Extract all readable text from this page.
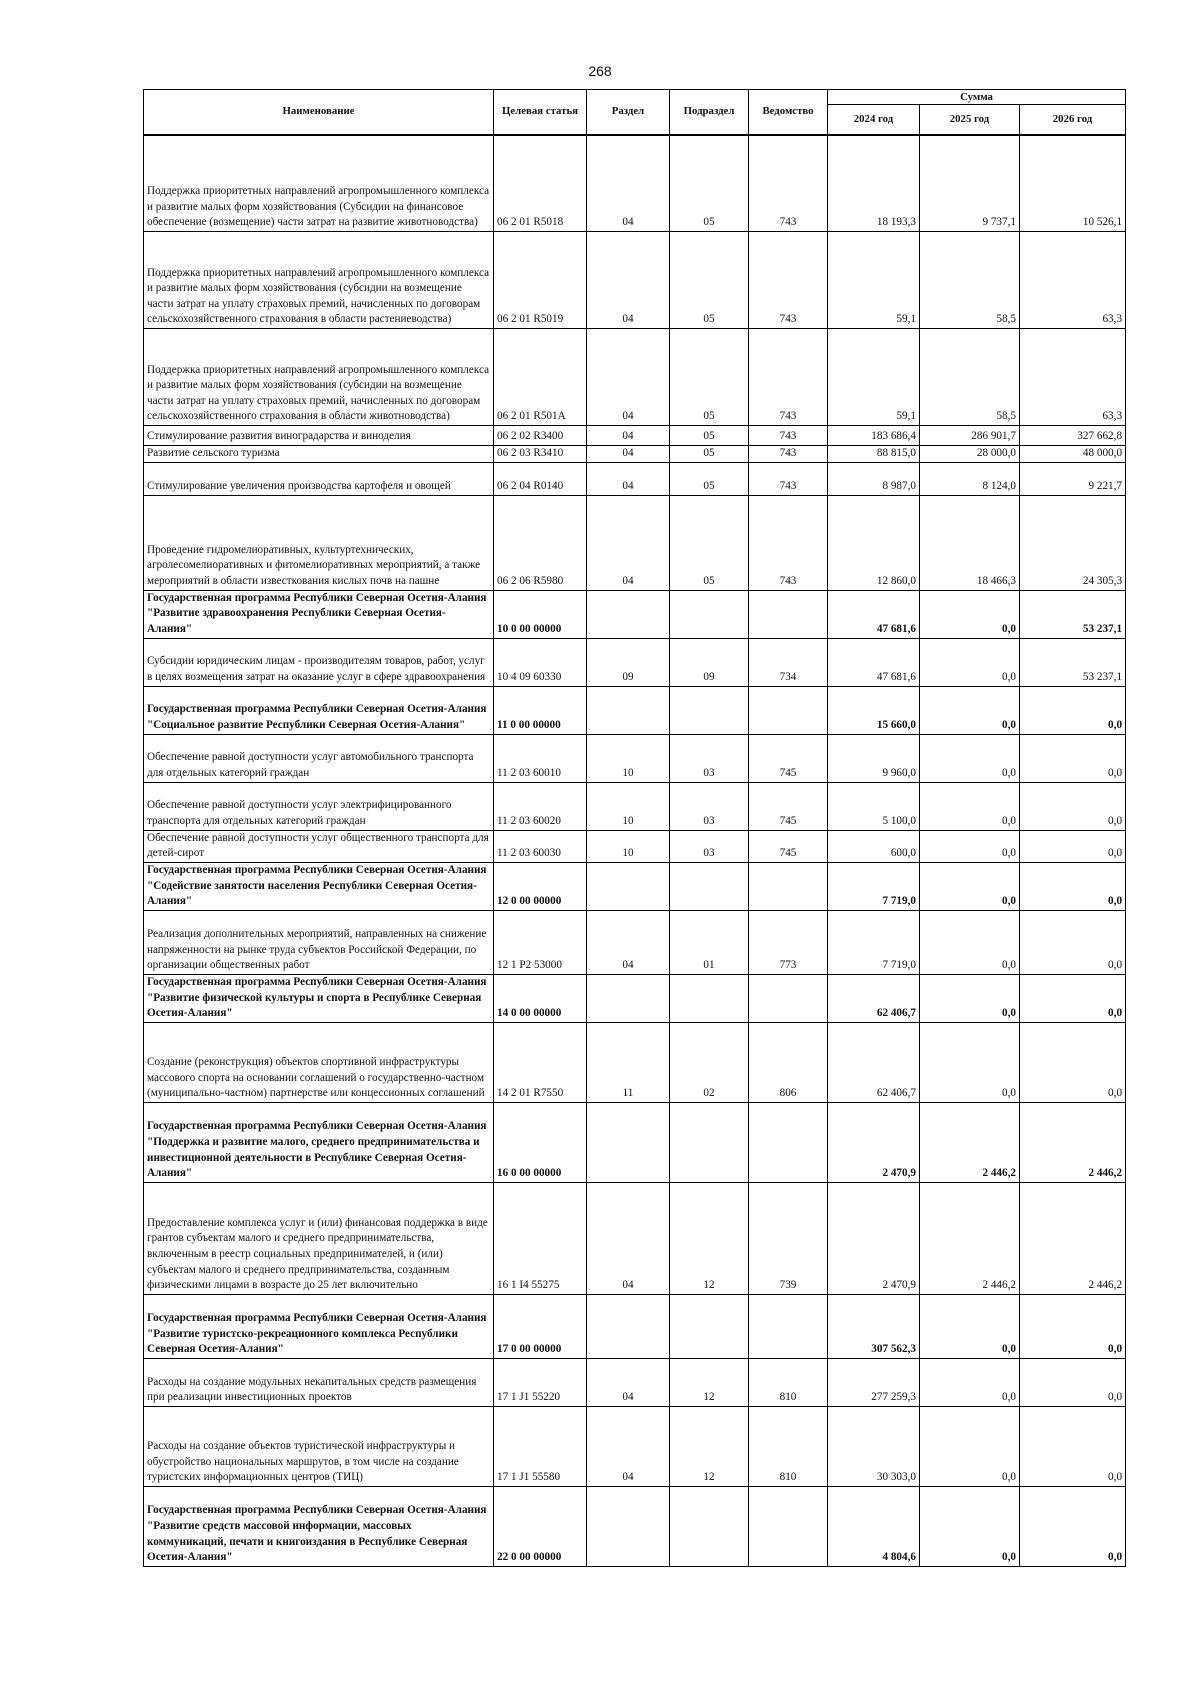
268
Наименование	Целевая статья	Раздел	Подраздел	Ведомство	Сумма		
					2024 год	2025 год	2026 год
Поддержка приоритетных направлений агропромышленного комплекса и развитие малых форм хозяйствования (Субсидии на финансовое обеспечение (возмещение) части затрат на развитие животноводства)	06 2 01 R5018	04	05	743	18 193,3	9 737,1	10 526,1
Поддержка приоритетных направлений агропромышленного комплекса и развитие малых форм хозяйствования (субсидии на возмещение части затрат на уплату страховых премий, начисленных по договорам сельскохозяйственного страхования в области растениеводства)	06 2 01 R5019	04	05	743	59,1	58,5	63,3
Поддержка приоритетных направлений агропромышленного комплекса и развитие малых форм хозяйствования (субсидии на возмещение части затрат на уплату страховых премий, начисленных по договорам сельскохозяйственного страхования в области животноводства)	06 2 01 R501A	04	05	743	59,1	58,5	63,3
Стимулирование развития виноградарства и виноделия	06 2 02 R3400	04	05	743	183 686,4	286 901,7	327 662,8
Развитие сельского туризма	06 2 03 R3410	04	05	743	88 815,0	28 000,0	48 000,0
Стимулирование увеличения производства картофеля и овощей	06 2 04 R0140	04	05	743	8 987,0	8 124,0	9 221,7
Проведение гидромелиоративных, культуртехнических, агролесомелиоративных и фитомелиоративных мероприятий, а также мероприятий в области известкования кислых почв на пашне	06 2 06 R5980	04	05	743	12 860,0	18 466,3	24 305,3
Государственная программа Республики Северная Осетия-Алания "Развитие здравоохранения Республики Северная Осетия-Алания"	10 0 00 00000				47 681,6	0,0	53 237,1
Субсидии юридическим лицам - производителям товаров, работ, услуг в целях возмещения затрат на оказание услуг в сфере здравоохранения	10 4 09 60330	09	09	734	47 681,6	0,0	53 237,1
Государственная программа Республики Северная Осетия-Алания "Социальное развитие Республики Северная Осетия-Алания"	11 0 00 00000				15 660,0	0,0	0,0
Обеспечение равной доступности услуг автомобильного транспорта для отдельных категорий граждан	11 2 03 60010	10	03	745	9 960,0	0,0	0,0
Обеспечение равной доступности услуг электрифицированного транспорта для отдельных категорий граждан	11 2 03 60020	10	03	745	5 100,0	0,0	0,0
Обеспечение равной доступности услуг общественного транспорта для детей-сирот	11 2 03 60030	10	03	745	600,0	0,0	0,0
Государственная программа Республики Северная Осетия-Алания "Содействие занятости населения Республики Северная Осетия-Алания"	12 0 00 00000				7 719,0	0,0	0,0
Реализация дополнительных мероприятий, направленных на снижение напряженности на рынке труда субъектов Российской Федерации, по организации общественных работ	12 1 P2 53000	04	01	773	7 719,0	0,0	0,0
Государственная программа Республики Северная Осетия-Алания "Развитие физической культуры и спорта в Республике Северная Осетия-Алания"	14 0 00 00000				62 406,7	0,0	0,0
Создание (реконструкция) объектов спортивной инфраструктуры массового спорта на основании соглашений о государственно-частном (муниципально-частном) партнерстве или концессионных соглашений	14 2 01 R7550	11	02	806	62 406,7	0,0	0,0
Государственная программа Республики Северная Осетия-Алания "Поддержка и развитие малого, среднего предпринимательства и инвестиционной деятельности в Республике Северная Осетия-Алания"	16 0 00 00000				2 470,9	2 446,2	2 446,2
Предоставление комплекса услуг и (или) финансовая поддержка в виде грантов субъектам малого и среднего предпринимательства, включенным в реестр социальных предпринимателей, и (или) субъектам малого и среднего предпринимательства, созданным физическими лицами в возрасте до 25 лет включительно	16 1 I4 55275	04	12	739	2 470,9	2 446,2	2 446,2
Государственная программа Республики Северная Осетия-Алания "Развитие туристско-рекреационного комплекса Республики Северная Осетия-Алания"	17 0 00 00000				307 562,3	0,0	0,0
Расходы на создание модульных некапитальных средств размещения при реализации инвестиционных проектов	17 1 J1 55220	04	12	810	277 259,3	0,0	0,0
Расходы на создание объектов туристической инфраструктуры и обустройство национальных маршрутов, в том числе на создание туристских информационных центров (ТИЦ)	17 1 J1 55580	04	12	810	30 303,0	0,0	0,0
Государственная программа Республики Северная Осетия-Алания "Развитие средств массовой информации, массовых коммуникаций, печати и книгоиздания в Республике Северная Осетия-Алания"	22 0 00 00000				4 804,6	0,0	0,0
